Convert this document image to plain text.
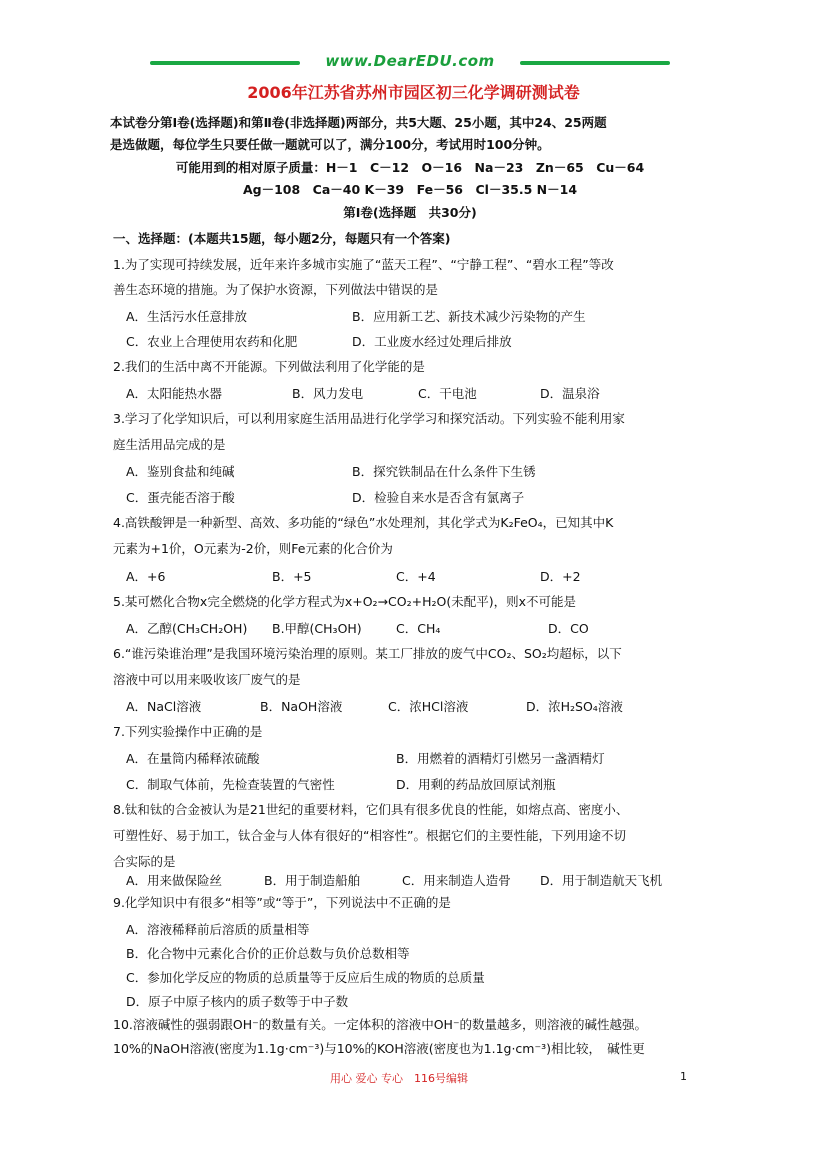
www.DearEDU.com
2006年江苏省苏州市园区初三化学调研测试卷
本试卷分第Ⅰ卷(选择题)和第Ⅱ卷(非选择题)两部分，共5大题、25小题，其中24、25两题
是选做题，每位学生只要任做一题就可以了，满分100分，考试用时100分钟。
可能用到的相对原子质量：H－1　C－12　O－16　Na－23　Zn－65　Cu－64
Ag－108　Ca－40 K－39　Fe－56　Cl－35.5 N－14
第Ⅰ卷(选择题　共30分)
一、选择题：(本题共15题，每小题2分，每题只有一个答案)
1.为了实现可持续发展，近年来许多城市实施了“蓝天工程”、“宁静工程”、“碧水工程”等改
善生态环境的措施。为了保护水资源，下列做法中错误的是
A．生活污水任意排放	B．应用新工艺、新技术减少污染物的产生
C．农业上合理使用农药和化肥	D．工业废水经过处理后排放
2.我们的生活中离不开能源。下列做法利用了化学能的是
A．太阳能热水器	B．风力发电	C．干电池	D．温泉浴
3.学习了化学知识后，可以利用家庭生活用品进行化学学习和探究活动。下列实验不能利用家
庭生活用品完成的是
A．鉴别食盐和纯碱	B．探究铁制品在什么条件下生锈
C．蛋壳能否溶于酸	D．检验自来水是否含有氯离子
4.高铁酸钾是一种新型、高效、多功能的“绿色”水处理剂，其化学式为K₂FeO₄，已知其中K
元素为+1价，O元素为-2价，则Fe元素的化合价为
A．+6	B．+5	C．+4	D．+2
5.某可燃化合物x完全燃烧的化学方程式为x+O₂→CO₂+H₂O(未配平)，则x不可能是
A．乙醇(CH₃CH₂OH) B.甲醇(CH₃OH)	C．CH₄	D．CO
6.“谁污染谁治理”是我国环境污染治理的原则。某工厂排放的废气中CO₂、SO₂均超标，以下
溶液中可以用来吸收该厂废气的是
A．NaCl溶液	B．NaOH溶液	C．浓HCl溶液	D．浓H₂SO₄溶液
7.下列实验操作中正确的是
A．在量筒内稀释浓硫酸	B．用燃着的酒精灯引燃另一盏酒精灯
C．制取气体前，先检查装置的气密性	D．用剩的药品放回原试剂瓶
8.钛和钛的合金被认为是21世纪的重要材料，它们具有很多优良的性能，如熔点高、密度小、
可塑性好、易于加工，钛合金与人体有很好的“相容性”。根据它们的主要性能，下列用途不切
合实际的是
A．用来做保险丝	B．用于制造船舶	C．用来制造人造骨 D．用于制造航天飞机
9.化学知识中有很多“相等”或“等于”，下列说法中不正确的是
A．溶液稀释前后溶质的质量相等
B．化合物中元素化合价的正价总数与负价总数相等
C．参加化学反应的物质的总质量等于反应后生成的物质的总质量
D．原子中原子核内的质子数等于中子数
10.溶液碱性的强弱跟OH⁻的数量有关。一定体积的溶液中OH⁻的数量越多，则溶液的碱性越强。
10%的NaOH溶液(密度为1.1g·cm⁻³)与10%的KOH溶液(密度也为1.1g·cm⁻³)相比较，　碱性更
用心 爱心 专心　116号编辑	1
